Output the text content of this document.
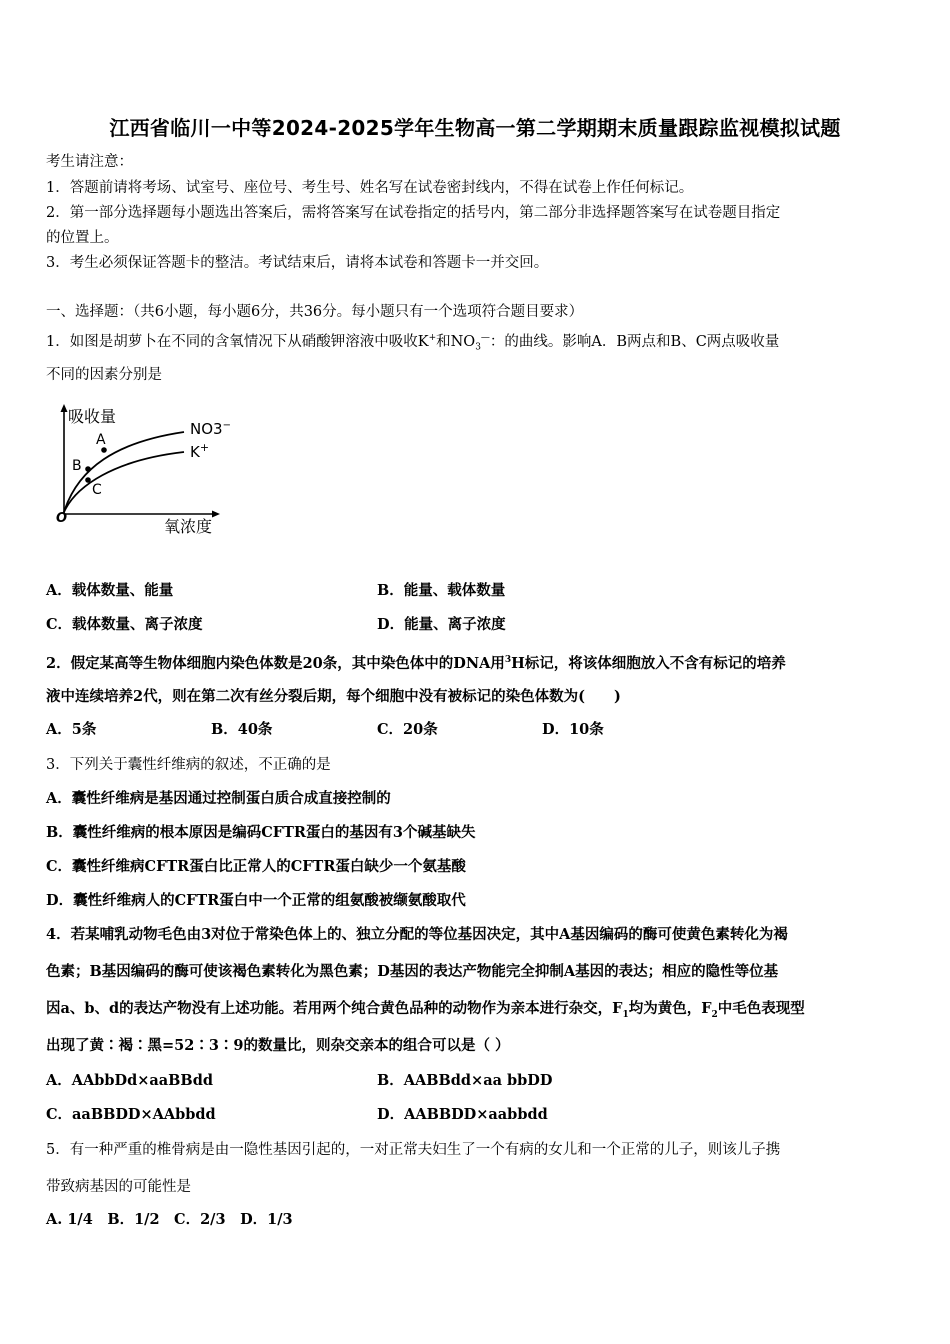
江西省临川一中等2024-2025学年生物高一第二学期期末质量跟踪监视模拟试题
考生请注意：
1．答题前请将考场、试室号、座位号、考生号、姓名写在试卷密封线内，不得在试卷上作任何标记。
2．第一部分选择题每小题选出答案后，需将答案写在试卷指定的括号内，第二部分非选择题答案写在试卷题目指定
的位置上。
3．考生必须保证答题卡的整洁。考试结束后，请将本试卷和答题卡一并交回。
一、选择题：（共6小题，每小题6分，共36分。每小题只有一个选项符合题目要求）
1．如图是胡萝卜在不同的含氧情况下从硝酸钾溶液中吸收K+和$NO_3^—$：的曲线。影响A．B两点和B、C两点吸收量
不同的因素分别是
吸收量
氧浓度
O
A
B
C
NO3−
K+
A．载体数量、能量	B．能量、载体数量
C．载体数量、离子浓度	D．能量、离子浓度
2．假定某高等生物体细胞内染色体数是20条，其中染色体中的DNA用$^3$H标记，将该体细胞放入不含有标记的培养
液中连续培养2代，则在第二次有丝分裂后期，每个细胞中没有被标记的染色体数为(　　)
A．5条	B．40条	C．20条	D．10条
3．下列关于囊性纤维病的叙述，不正确的是
A．囊性纤维病是基因通过控制蛋白质合成直接控制的
B．囊性纤维病的根本原因是编码CFTR蛋白的基因有3个碱基缺失
C．囊性纤维病CFTR蛋白比正常人的CFTR蛋白缺少一个氨基酸
D．囊性纤维病人的CFTR蛋白中一个正常的组氨酸被缬氨酸取代
4．若某哺乳动物毛色由3对位于常染色体上的、独立分配的等位基因决定，其中A基因编码的酶可使黄色素转化为褐
色素；B基因编码的酶可使该褐色素转化为黑色素；D基因的表达产物能完全抑制A基因的表达；相应的隐性等位基
因a、b、d的表达产物没有上述功能。若用两个纯合黄色品种的动物作为亲本进行杂交，$F_1$均为黄色，$F_2$中毛色表现型
出现了黄∶褐∶黑=52∶3∶9的数量比，则杂交亲本的组合可以是（ ）
A．AAbbDd×aaBBdd	B．AABBdd×aa bbDD
C．aaBBDD×AAbbdd	D．AABBDD×aabbdd
5．有一种严重的椎骨病是由一隐性基因引起的，一对正常夫妇生了一个有病的女儿和一个正常的儿子，则该儿子携
带致病基因的可能性是
A. 1/4　B．1/2　C．2/3　D．1/3
